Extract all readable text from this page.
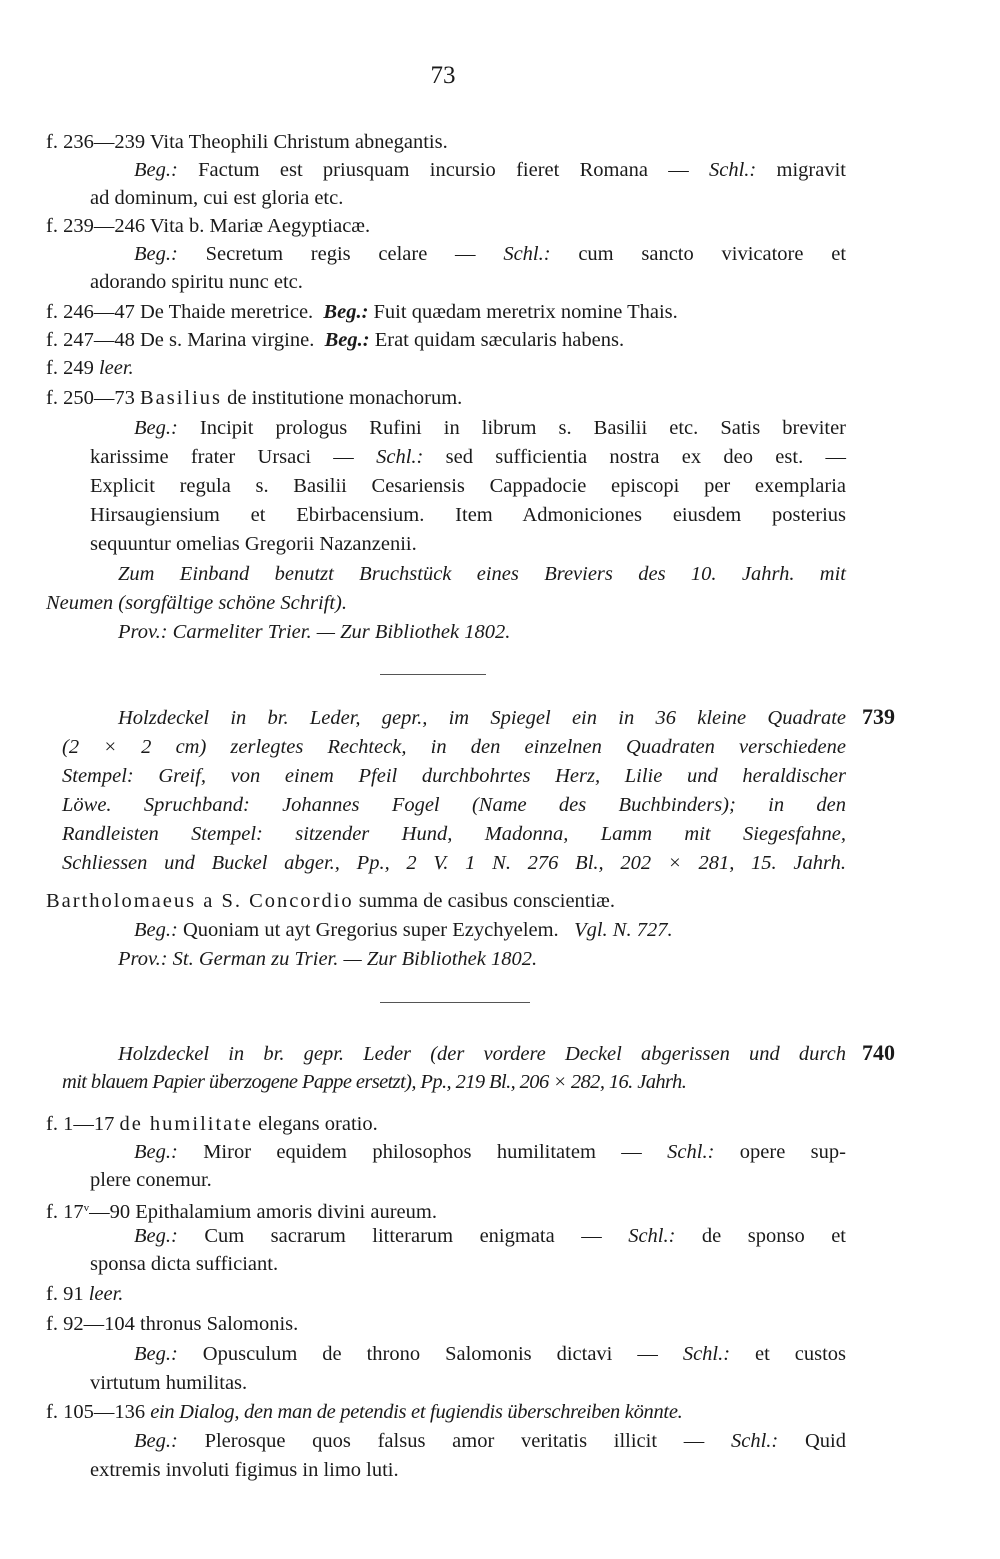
73
f. 236—239 Vita Theophili Christum abnegantis.
Beg.: Factum est priusquam incursio fieret Romana — Schl.: migravit
ad dominum, cui est gloria etc.
f. 239—246 Vita b. Mariæ Aegyptiacæ.
Beg.: Secretum regis celare — Schl.: cum sancto vivicatore et
adorando spiritu nunc etc.
f. 246—47 De Thaide meretrice. Beg.: Fuit quædam meretrix nomine Thais.
f. 247—48 De s. Marina virgine. Beg.: Erat quidam sæcularis habens.
f. 249 leer.
f. 250—73 Basilius de institutione monachorum.
Beg.: Incipit prologus Rufini in librum s. Basilii etc. Satis breviter
karissime frater Ursaci — Schl.: sed sufficientia nostra ex deo est. —
Explicit regula s. Basilii Cesariensis Cappadocie episcopi per exemplaria
Hirsaugiensium et Ebirbacensium. Item Admoniciones eiusdem posterius
sequuntur omelias Gregorii Nazanzenii.
Zum Einband benutzt Bruchstück eines Breviers des 10. Jahrh. mit
Neumen (sorgfältige schöne Schrift).
Prov.: Carmeliter Trier. — Zur Bibliothek 1802.
739
Holzdeckel in br. Leder, gepr., im Spiegel ein in 36 kleine Quadrate
(2 × 2 cm) zerlegtes Rechteck, in den einzelnen Quadraten verschiedene
Stempel: Greif, von einem Pfeil durchbohrtes Herz, Lilie und heraldischer
Löwe. Spruchband: Johannes Fogel (Name des Buchbinders); in den
Randleisten Stempel: sitzender Hund, Madonna, Lamm mit Siegesfahne,
Schliessen und Buckel abger., Pp., 2 V. 1 N. 276 Bl., 202 × 281, 15. Jahrh.
Bartholomaeus a S. Concordio summa de casibus conscientiæ.
Beg.: Quoniam ut ayt Gregorius super Ezychyelem. Vgl. N. 727.
Prov.: St. German zu Trier. — Zur Bibliothek 1802.
740
Holzdeckel in br. gepr. Leder (der vordere Deckel abgerissen und durch
mit blauem Papier überzogene Pappe ersetzt), Pp., 219 Bl., 206 × 282, 16. Jahrh.
f. 1—17 de humilitate elegans oratio.
Beg.: Miror equidem philosophos humilitatem — Schl.: opere sup-
plere conemur.
f. 17$^v$—90 Epithalamium amoris divini aureum.
Beg.: Cum sacrarum litterarum enigmata — Schl.: de sponso et
sponsa dicta sufficiant.
f. 91 leer.
f. 92—104 thronus Salomonis.
Beg.: Opusculum de throno Salomonis dictavi — Schl.: et custos
virtutum humilitas.
f. 105—136 ein Dialog, den man de petendis et fugiendis überschreiben könnte.
Beg.: Plerosque quos falsus amor veritatis illicit — Schl.: Quid
extremis involuti figimus in limo luti.
